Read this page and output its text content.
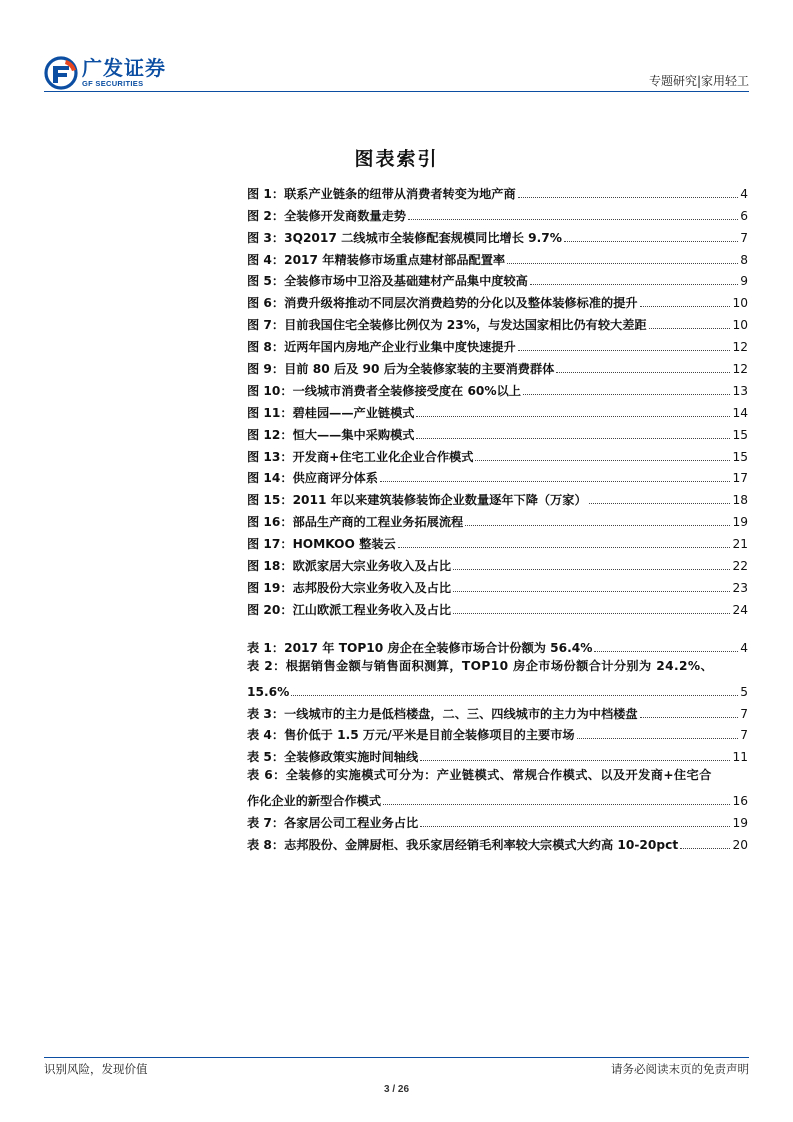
广发证券
GF SECURITIES	专题研究|家用轻工
图表索引
图 1：联系产业链条的纽带从消费者转变为地产商	4
图 2：全装修开发商数量走势	6
图 3：3Q2017 二线城市全装修配套规模同比增长 9.7%	7
图 4：2017 年精装修市场重点建材部品配置率	8
图 5：全装修市场中卫浴及基础建材产品集中度较高	9
图 6：消费升级将推动不同层次消费趋势的分化以及整体装修标准的提升	10
图 7：目前我国住宅全装修比例仅为 23%，与发达国家相比仍有较大差距	10
图 8：近两年国内房地产企业行业集中度快速提升	12
图 9：目前 80 后及 90 后为全装修家装的主要消费群体	12
图 10：一线城市消费者全装修接受度在 60%以上	13
图 11：碧桂园——产业链模式	14
图 12：恒大——集中采购模式	15
图 13：开发商+住宅工业化企业合作模式	15
图 14：供应商评分体系	17
图 15：2011 年以来建筑装修装饰企业数量逐年下降（万家）	18
图 16：部品生产商的工程业务拓展流程	19
图 17：HOMKOO 整装云	21
图 18：欧派家居大宗业务收入及占比	22
图 19：志邦股份大宗业务收入及占比	23
图 20：江山欧派工程业务收入及占比	24
表 1：2017 年 TOP10 房企在全装修市场合计份额为 56.4%	4
表 2：根据销售金额与销售面积测算，TOP10 房企市场份额合计分别为 24.2%、
15.6%	5
表 3：一线城市的主力是低档楼盘，二、三、四线城市的主力为中档楼盘	7
表 4：售价低于 1.5 万元/平米是目前全装修项目的主要市场	7
表 5：全装修政策实施时间轴线	11
表 6：全装修的实施模式可分为：产业链模式、常规合作模式、以及开发商+住宅合
作化企业的新型合作模式	16
表 7：各家居公司工程业务占比	19
表 8：志邦股份、金牌厨柜、我乐家居经销毛利率较大宗模式大约高 10-20pct	20
识别风险，发现价值	请务必阅读末页的免责声明
3 / 26
